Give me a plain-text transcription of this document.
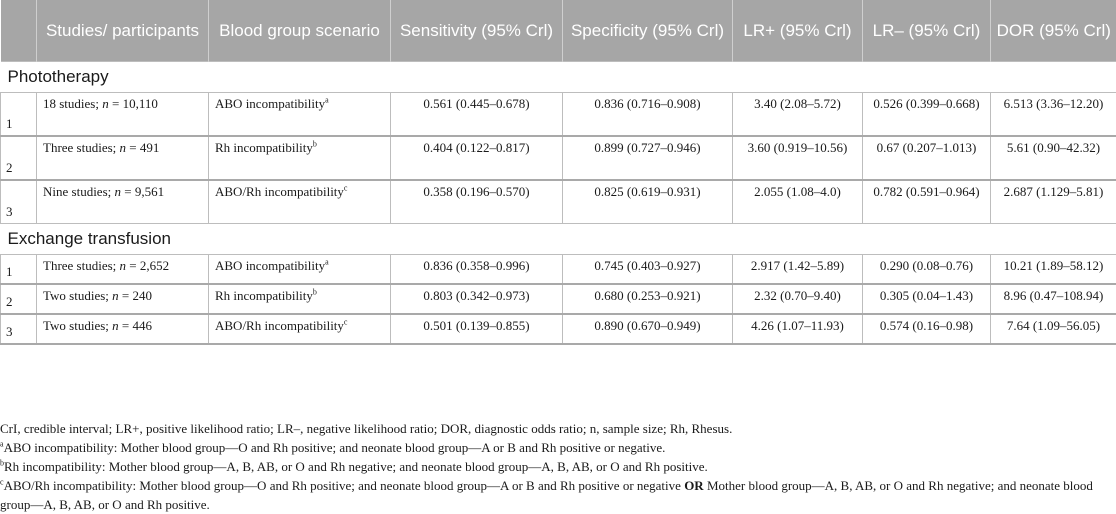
	Studies/ participants	Blood group scenario	Sensitivity (95% Crl)	Specificity (95% Crl)	LR+ (95% Crl)	LR– (95% Crl)	DOR (95% Crl)
Phototherapy							
1	18 studies; n = 10,110	ABO incompatibility$^a$	0.561 (0.445–0.678)	0.836 (0.716–0.908)	3.40 (2.08–5.72)	0.526 (0.399–0.668)	6.513 (3.36–12.20)
2	Three studies; n = 491	Rh incompatibility$^b$	0.404 (0.122–0.817)	0.899 (0.727–0.946)	3.60 (0.919–10.56)	0.67 (0.207–1.013)	5.61 (0.90–42.32)
3	Nine studies; n = 9,561	ABO/Rh incompatibility$^c$	0.358 (0.196–0.570)	0.825 (0.619–0.931)	2.055 (1.08–4.0)	0.782 (0.591–0.964)	2.687 (1.129–5.81)
Exchange transfusion							
1	Three studies; n = 2,652	ABO incompatibility$^a$	0.836 (0.358–0.996)	0.745 (0.403–0.927)	2.917 (1.42–5.89)	0.290 (0.08–0.76)	10.21 (1.89–58.12)
2	Two studies; n = 240	Rh incompatibility$^b$	0.803 (0.342–0.973)	0.680 (0.253–0.921)	2.32 (0.70–9.40)	0.305 (0.04–1.43)	8.96 (0.47–108.94)
3	Two studies; n = 446	ABO/Rh incompatibility$^c$	0.501 (0.139–0.855)	0.890 (0.670–0.949)	4.26 (1.07–11.93)	0.574 (0.16–0.98)	7.64 (1.09–56.05)

CrI, credible interval; LR+, positive likelihood ratio; LR–, negative likelihood ratio; DOR, diagnostic odds ratio; n, sample size; Rh, Rhesus.

$^a$ABO incompatibility: Mother blood group—O and Rh positive; and neonate blood group—A or B and Rh positive or negative.

$^b$Rh incompatibility: Mother blood group—A, B, AB, or O and Rh negative; and neonate blood group—A, B, AB, or O and Rh positive.

$^c$ABO/Rh incompatibility: Mother blood group—O and Rh positive; and neonate blood group—A or B and Rh positive or negative OR Mother blood group—A, B, AB, or O and Rh negative; and neonate blood group—A, B, AB, or O and Rh positive.
